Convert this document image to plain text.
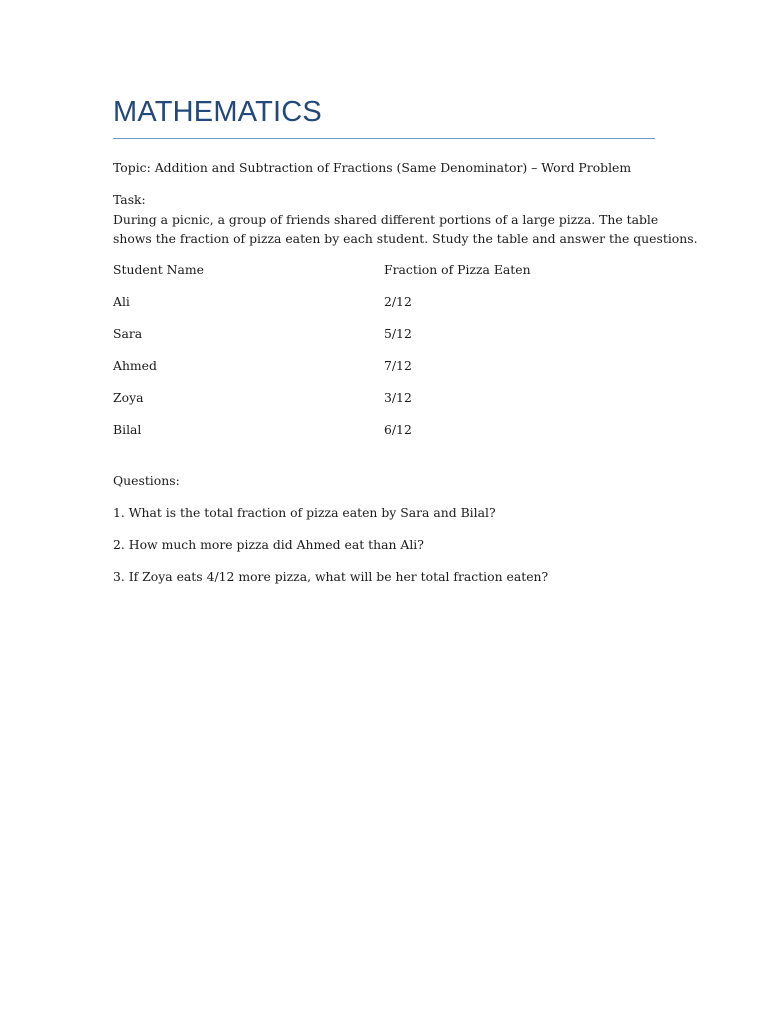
MATHEMATICS

Topic: Addition and Subtraction of Fractions (Same Denominator) – Word Problem

Task:

During a picnic, a group of friends shared different portions of a large pizza. The table
shows the fraction of pizza eaten by each student. Study the table and answer the questions.

Student Name	Fraction of Pizza Eaten
Ali	2/12
Sara	5/12
Ahmed	7/12
Zoya	3/12
Bilal	6/12

Questions:

1. What is the total fraction of pizza eaten by Sara and Bilal?

2. How much more pizza did Ahmed eat than Ali?

3. If Zoya eats 4/12 more pizza, what will be her total fraction eaten?
